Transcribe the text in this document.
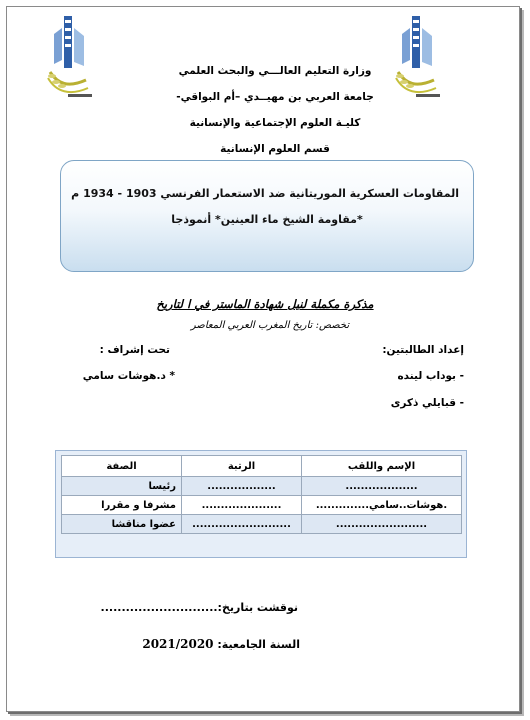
وزارة التعليم العالـــي والبحث العلمي
جامعة العربي بن مهيــدي –أم البواقي-
كليـة العلوم الإجتماعية والإنسانية
قسم العلوم الإنسانية
المقاومات العسكرية الموريتانية ضد الاستعمار الفرنسي 1903 - 1934 م
*مقاومة الشيخ ماء العينين* أنموذجا
مذكرة مكملة لنيل شهادة الماستر في ا لتاريخ
تخصص: تاريخ المغرب العربي المعاصر
إعداد الطالبتين:
- بوداب لينده
- قبايلي ذكرى
تحت إشراف :
* د.هوشات سامي
الإسم واللقب	الرتبة	الصفة
...................	..................	رئيسا
.هوشات..سامي..............	.....................	مشرفا و مقررا
........................	..........................	عضوا مناقشا
نوقشت بتاريخ:............................
السنة الجامعية: 2021/2020
